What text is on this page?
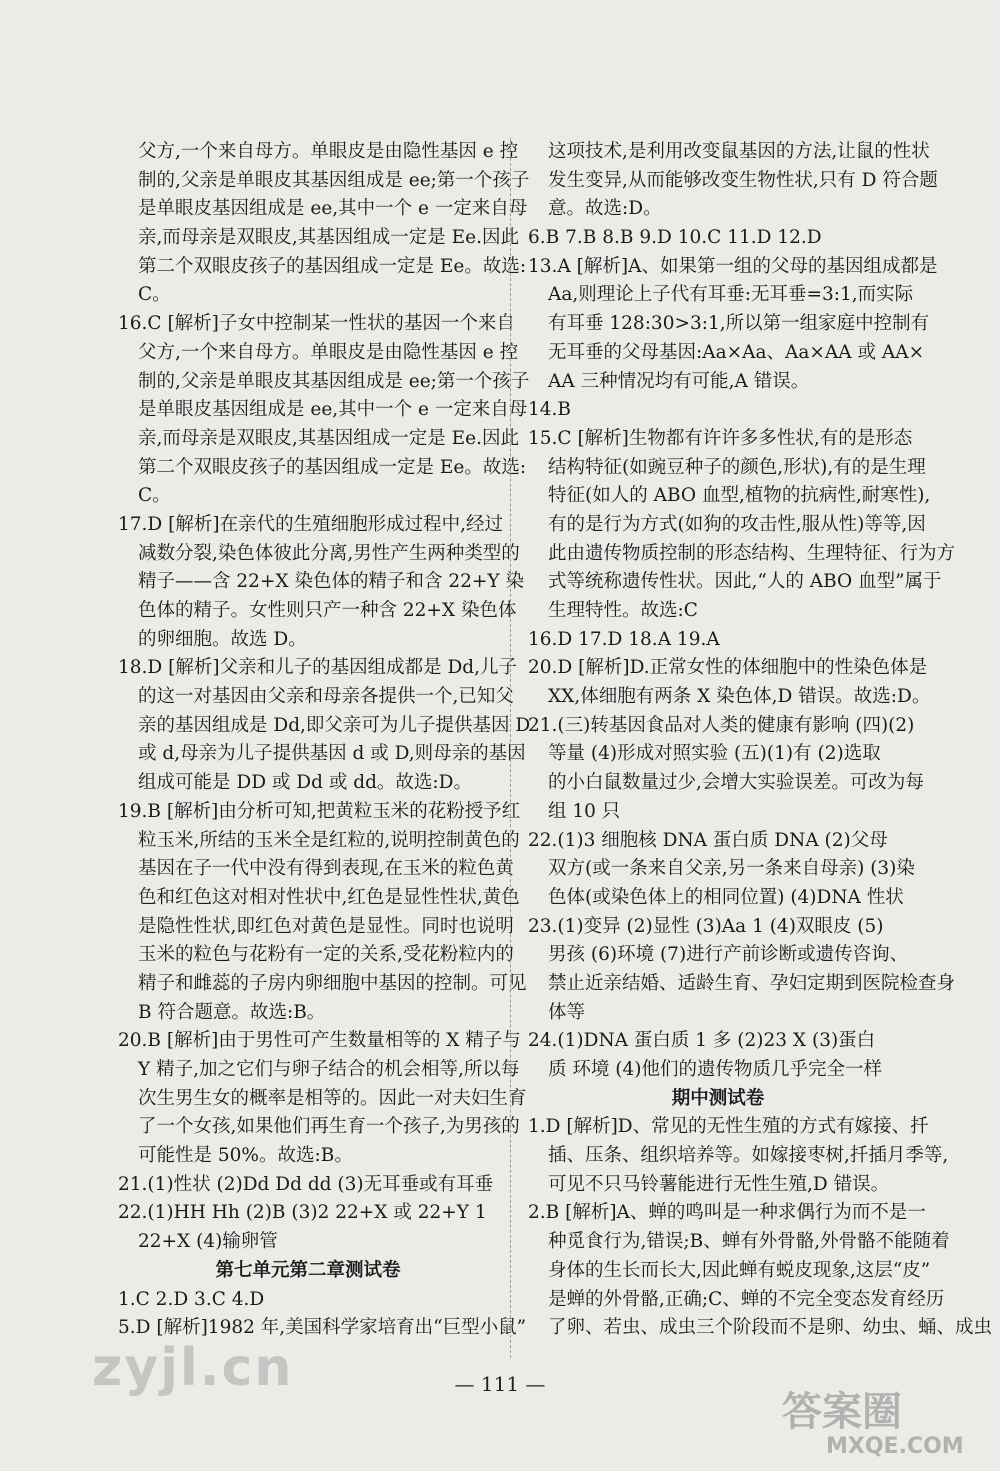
父方,一个来自母方。单眼皮是由隐性基因 e 控
制的,父亲是单眼皮其基因组成是 ee;第一个孩子
是单眼皮基因组成是 ee,其中一个 e 一定来自母
亲,而母亲是双眼皮,其基因组成一定是 Ee.因此
第二个双眼皮孩子的基因组成一定是 Ee。故选:
C。
16.C [解析]子女中控制某一性状的基因一个来自
父方,一个来自母方。单眼皮是由隐性基因 e 控
制的,父亲是单眼皮其基因组成是 ee;第一个孩子
是单眼皮基因组成是 ee,其中一个 e 一定来自母
亲,而母亲是双眼皮,其基因组成一定是 Ee.因此
第二个双眼皮孩子的基因组成一定是 Ee。故选:
C。
17.D [解析]在亲代的生殖细胞形成过程中,经过
减数分裂,染色体彼此分离,男性产生两种类型的
精子——含 22+X 染色体的精子和含 22+Y 染
色体的精子。女性则只产一种含 22+X 染色体
的卵细胞。故选 D。
18.D [解析]父亲和儿子的基因组成都是 Dd,儿子
的这一对基因由父亲和母亲各提供一个,已知父
亲的基因组成是 Dd,即父亲可为儿子提供基因 D
或 d,母亲为儿子提供基因 d 或 D,则母亲的基因
组成可能是 DD 或 Dd 或 dd。故选:D。
19.B [解析]由分析可知,把黄粒玉米的花粉授予红
粒玉米,所结的玉米全是红粒的,说明控制黄色的
基因在子一代中没有得到表现,在玉米的粒色黄
色和红色这对相对性状中,红色是显性性状,黄色
是隐性性状,即红色对黄色是显性。同时也说明
玉米的粒色与花粉有一定的关系,受花粉粒内的
精子和雌蕊的子房内卵细胞中基因的控制。可见
B 符合题意。故选:B。
20.B [解析]由于男性可产生数量相等的 X 精子与
Y 精子,加之它们与卵子结合的机会相等,所以每
次生男生女的概率是相等的。因此一对夫妇生育
了一个女孩,如果他们再生育一个孩子,为男孩的
可能性是 50%。故选:B。
21.(1)性状 (2)Dd Dd dd (3)无耳垂或有耳垂
22.(1)HH Hh (2)B (3)2 22+X 或 22+Y 1
22+X (4)输卵管
第七单元第二章测试卷
1.C 2.D 3.C 4.D
5.D [解析]1982 年,美国科学家培育出“巨型小鼠”
这项技术,是利用改变鼠基因的方法,让鼠的性状
发生变异,从而能够改变生物性状,只有 D 符合题
意。故选:D。
6.B 7.B 8.B 9.D 10.C 11.D 12.D
13.A [解析]A、如果第一组的父母的基因组成都是
Aa,则理论上子代有耳垂:无耳垂=3:1,而实际
有耳垂 128:30>3:1,所以第一组家庭中控制有
无耳垂的父母基因:Aa×Aa、Aa×AA 或 AA×
AA 三种情况均有可能,A 错误。
14.B
15.C [解析]生物都有许许多多性状,有的是形态
结构特征(如豌豆种子的颜色,形状),有的是生理
特征(如人的 ABO 血型,植物的抗病性,耐寒性),
有的是行为方式(如狗的攻击性,服从性)等等,因
此由遗传物质控制的形态结构、生理特征、行为方
式等统称遗传性状。因此,“人的 ABO 血型”属于
生理特性。故选:C
16.D 17.D 18.A 19.A
20.D [解析]D.正常女性的体细胞中的性染色体是
XX,体细胞有两条 X 染色体,D 错误。故选:D。
21.(三)转基因食品对人类的健康有影响 (四)(2)
等量 (4)形成对照实验 (五)(1)有 (2)选取
的小白鼠数量过少,会增大实验误差。可改为每
组 10 只
22.(1)3 细胞核 DNA 蛋白质 DNA (2)父母
双方(或一条来自父亲,另一条来自母亲) (3)染
色体(或染色体上的相同位置) (4)DNA 性状
23.(1)变异 (2)显性 (3)Aa 1 (4)双眼皮 (5)
男孩 (6)环境 (7)进行产前诊断或遗传咨询、
禁止近亲结婚、适龄生育、孕妇定期到医院检查身
体等
24.(1)DNA 蛋白质 1 多 (2)23 X (3)蛋白
质 环境 (4)他们的遗传物质几乎完全一样
期中测试卷
1.D [解析]D、常见的无性生殖的方式有嫁接、扦
插、压条、组织培养等。如嫁接枣树,扦插月季等,
可见不只马铃薯能进行无性生殖,D 错误。
2.B [解析]A、蝉的鸣叫是一种求偶行为而不是一
种觅食行为,错误;B、蝉有外骨骼,外骨骼不能随着
身体的生长而长大,因此蝉有蜕皮现象,这层“皮”
是蝉的外骨骼,正确;C、蝉的不完全变态发育经历
了卵、若虫、成虫三个阶段而不是卵、幼虫、蛹、成虫
— 111 —
zyjl.cn
答案圈
MXQE.COM
